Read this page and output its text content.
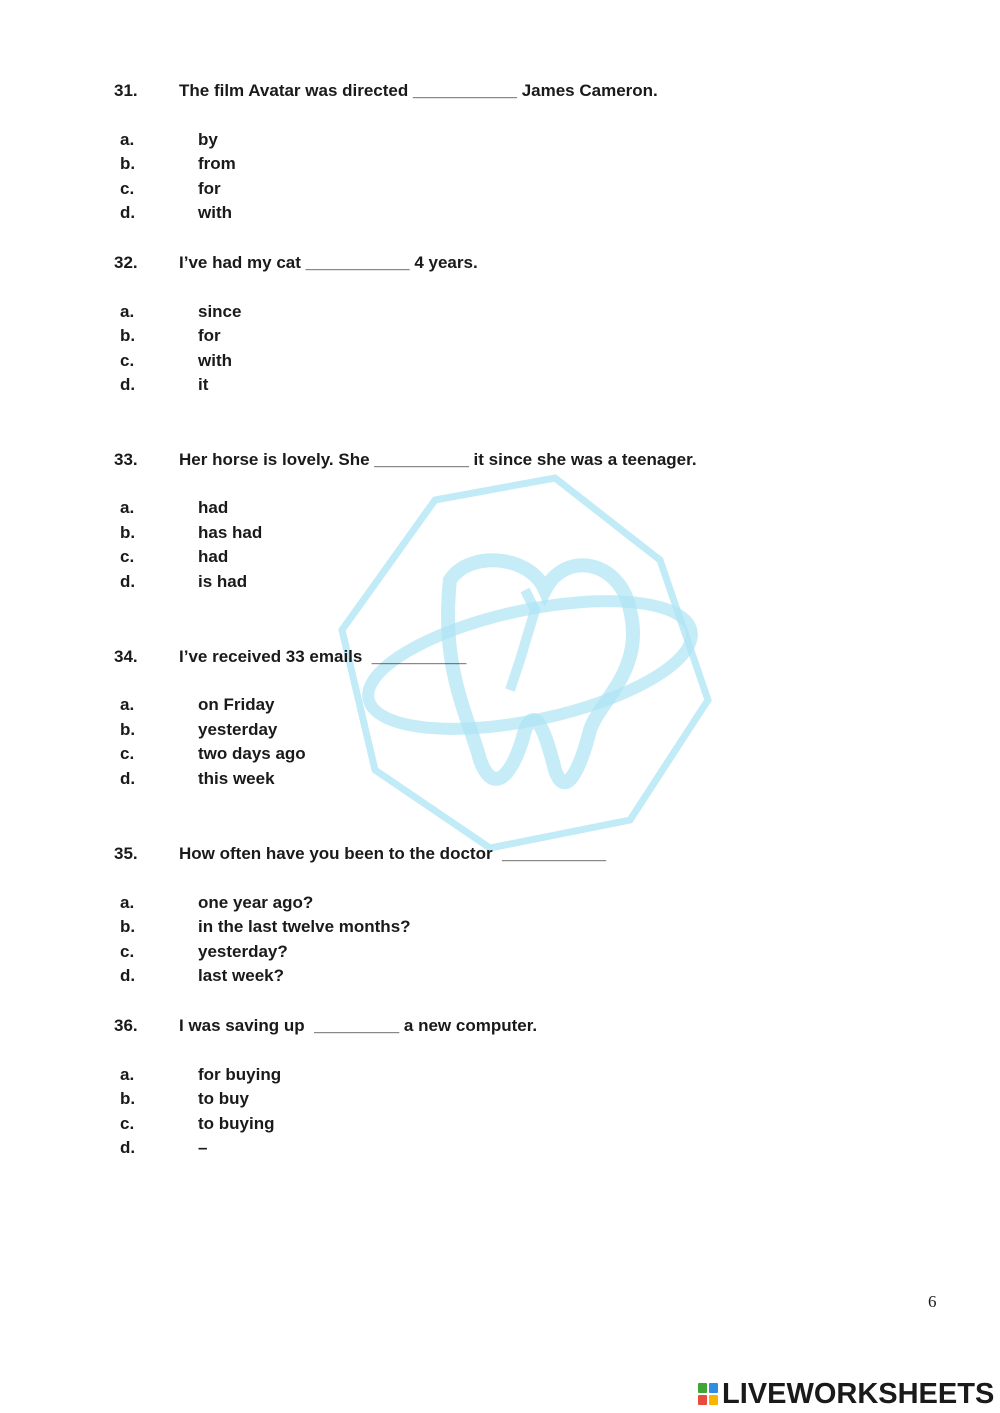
31. The film Avatar was directed ___________ James Cameron.
a.	by
b.	from
c.	for
d.	with
32. I’ve had my cat ___________ 4 years.
a.	since
b.	for
c.	with
d.	it
33. Her horse is lovely. She __________ it since she was a teenager.
a.	had
b.	has had
c.	had
d.	is had
34. I’ve received 33 emails  __________
a.	on Friday
b.	yesterday
c.	two days ago
d.	this week
35. How often have you been to the doctor  ___________
a.	one year ago?
b.	in the last twelve months?
c.	yesterday?
d.	last week?
36. I was saving up  _________ a new computer.
a.	for buying
b.	to buy
c.	to buying
d.	–
6
LIVEWORKSHEETS
